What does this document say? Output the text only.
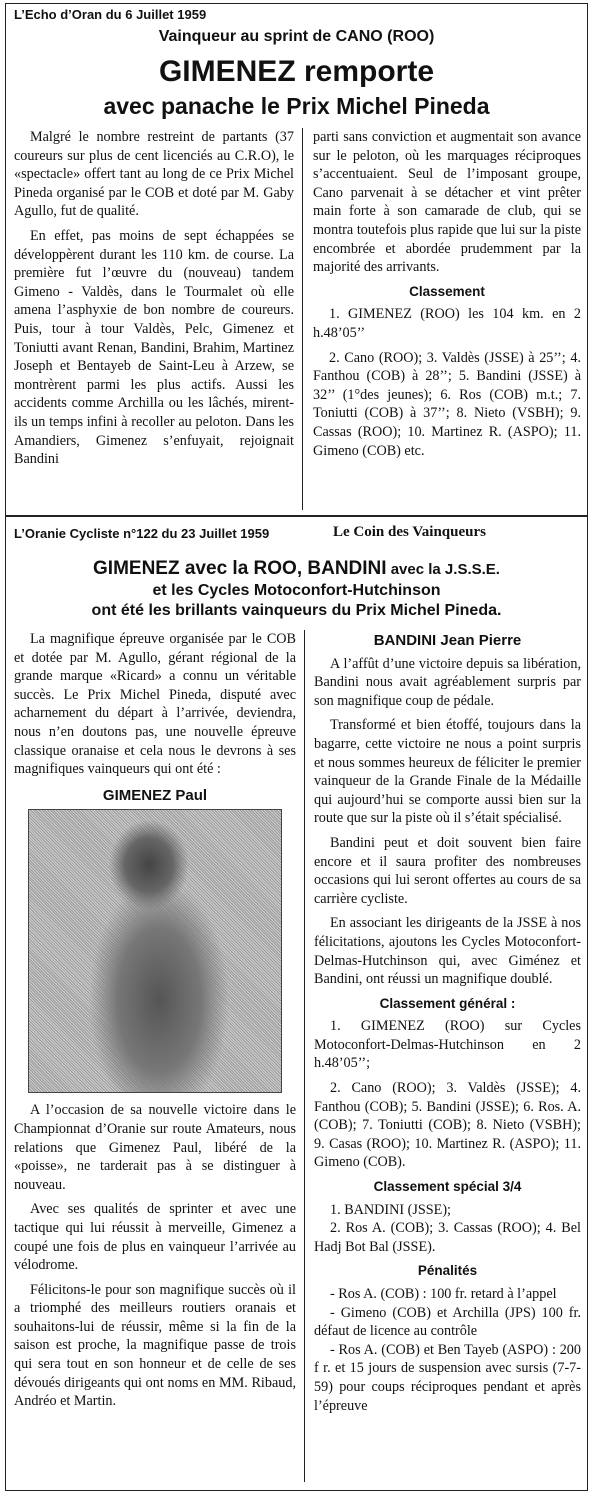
L’Echo d’Oran du 6 Juillet 1959
Vainqueur au sprint de CANO (ROO)
GIMENEZ remporte
avec panache le Prix Michel Pineda

Malgré le nombre restreint de partants (37 coureurs sur plus de cent licenciés au C.R.O), le «spectacle» offert tant au long de ce Prix Michel Pineda organisé par le COB et doté par M. Gaby Agullo, fut de qualité.

En effet, pas moins de sept échappées se développèrent durant les 110 km. de course. La première fut l’œuvre du (nouveau) tandem Gimeno - Valdès, dans le Tourmalet où elle amena l’asphyxie de bon nombre de coureurs. Puis, tour à tour Valdès, Pelc, Gimenez et Toniutti avant Renan, Bandini, Brahim, Martinez Joseph et Bentayeb de Saint-Leu à Arzew, se montrèrent parmi les plus actifs. Aussi les accidents comme Archilla ou les lâchés, mirent-ils un temps infini à recoller au peloton. Dans les Amandiers, Gimenez s’enfuyait, rejoignait Bandini

parti sans conviction et augmentait son avance sur le peloton, où les marquages réciproques s’accentuaient. Seul de l’imposant groupe, Cano parvenait à se détacher et vint prêter main forte à son camarade de club, qui se montra toutefois plus rapide que lui sur la piste encombrée et abordée prudemment par la majorité des arrivants.

Classement

1. GIMENEZ (ROO) les 104 km. en 2 h.48’05’’

2. Cano (ROO); 3. Valdès (JSSE) à 25’’; 4. Fanthou (COB) à 28’’; 5. Bandini (JSSE) à 32’’ (1°des jeunes); 6. Ros (COB) m.t.; 7. Toniutti (COB) à 37’’; 8. Nieto (VSBH); 9. Cassas (ROO); 10. Martinez R. (ASPO); 11. Gimeno (COB) etc.

L’Oranie Cycliste n°122 du 23 Juillet 1959	Le Coin des Vainqueurs
GIMENEZ avec la ROO, BANDINI avec la J.S.S.E.
et les Cycles Motoconfort-Hutchinson
ont été les brillants vainqueurs du Prix Michel Pineda.

La magnifique épreuve organisée par le COB et dotée par M. Agullo, gérant régional de la grande marque «Ricard» a connu un véritable succès. Le Prix Michel Pineda, disputé avec acharnement du départ à l’arrivée, deviendra, nous n’en doutons pas, une nouvelle épreuve classique oranaise et cela nous le devrons à ses magnifiques vainqueurs qui ont été :

GIMENEZ Paul

A l’occasion de sa nouvelle victoire dans le Championnat d’Oranie sur route Amateurs, nous relations que Gimenez Paul, libéré de la «poisse», ne tarderait pas à se distinguer à nouveau.

Avec ses qualités de sprinter et avec une tactique qui lui réussit à merveille, Gimenez a coupé une fois de plus en vainqueur l’arrivée au vélodrome.

Félicitons-le pour son magnifique succès où il a triomphé des meilleurs routiers oranais et souhaitons-lui de réussir, même si la fin de la saison est proche, la magnifique passe de trois qui sera tout en son honneur et de celle de ses dévoués dirigeants qui ont noms en MM. Ribaud, Andréo et Martin.

BANDINI Jean Pierre

A l’affût d’une victoire depuis sa libération, Bandini nous avait agréablement surpris par son magnifique coup de pédale.

Transformé et bien étoffé, toujours dans la bagarre, cette victoire ne nous a point surpris et nous sommes heureux de féliciter le premier vainqueur de la Grande Finale de la Médaille qui aujourd’hui se comporte aussi bien sur la route que sur la piste où il s’était spécialisé.

Bandini peut et doit souvent bien faire encore et il saura profiter des nombreuses occasions qui lui seront offertes au cours de sa carrière cycliste.

En associant les dirigeants de la JSSE à nos félicitations, ajoutons les Cycles Motoconfort-Delmas-Hutchinson qui, avec Giménez et Bandini, ont réussi un magnifique doublé.

Classement général :

1. GIMENEZ (ROO) sur Cycles Motoconfort-Delmas-Hutchinson en 2 h.48’05’’;

2. Cano (ROO); 3. Valdès (JSSE); 4. Fanthou (COB); 5. Bandini (JSSE); 6. Ros. A. (COB); 7. Toniutti (COB); 8. Nieto (VSBH); 9. Casas (ROO); 10. Martinez R. (ASPO); 11. Gimeno (COB).

Classement spécial 3/4

1. BANDINI (JSSE);

2. Ros A. (COB); 3. Cassas (ROO); 4. Bel Hadj Bot Bal (JSSE).

Pénalités

- Ros A. (COB) : 100 fr. retard à l’appel

- Gimeno (COB) et Archilla (JPS) 100 fr. défaut de licence au contrôle

- Ros A. (COB) et Ben Tayeb (ASPO) : 200 f r. et 15 jours de suspension avec sursis (7-7-59) pour coups réciproques pendant et après l’épreuve
